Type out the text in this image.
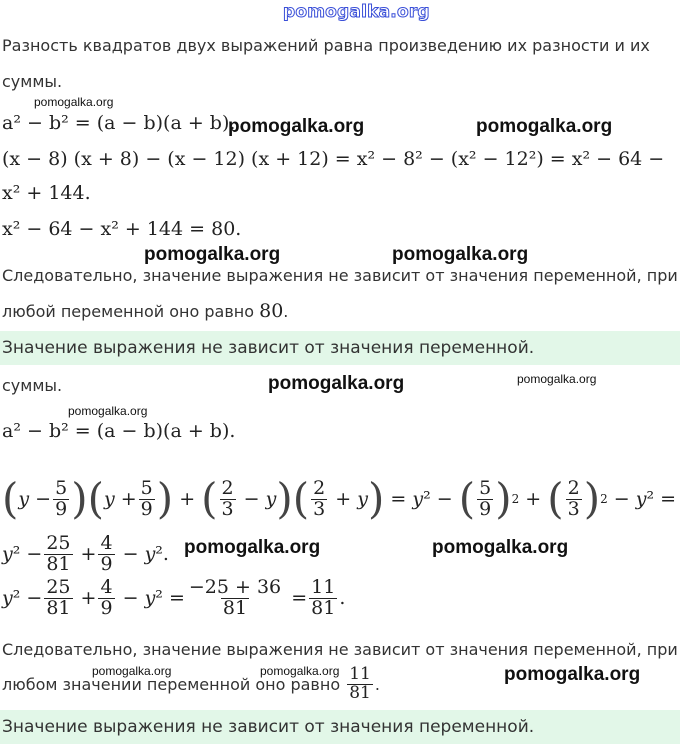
pomogalka.org
Разность квадратов двух выражений равна произведению их разности и их
суммы.
pomogalka.org
a² − b² = (a − b)(a + b).
pomogalka.org	pomogalka.org
(x − 8) (x + 8) − (x − 12) (x + 12) = x² − 8² − (x² − 12²) = x² − 64 −
x² + 144.
x² − 64 − x² + 144 = 80.
pomogalka.org	pomogalka.org
Следовательно, значение выражения не зависит от значения переменной, при
любой переменной оно равно 80.
Значение выражения не зависит от значения переменной.
суммы.	pomogalka.org	pomogalka.org
pomogalka.org
a² − b² = (a − b)(a + b).
( $y - \frac{5}{9}$ ) ( $y + \frac{5}{9}$ ) + ( $\frac{2}{3} - y$ ) ( $\frac{2}{3} + y$ ) = y ² − ( $\frac{5}{9}$ ) 2 + ( $\frac{2}{3}$ ) 2 − y ² =
y $^2 - \frac{25}{81} + \frac{4}{9} - y$ ². pomogalka.org	pomogalka.org
y $^2 - \frac{25}{81} + \frac{4}{9} - y$ $^2 = \frac{-25 + 36}{81} = \frac{11}{81}$ .
Следовательно, значение выражения не зависит от значения переменной, при
pomogalka.org	pomogalka.org	pomogalka.org
любом значении переменной оно равно
$\frac{11}{81}$ .
Значение выражения не зависит от значения переменной.
